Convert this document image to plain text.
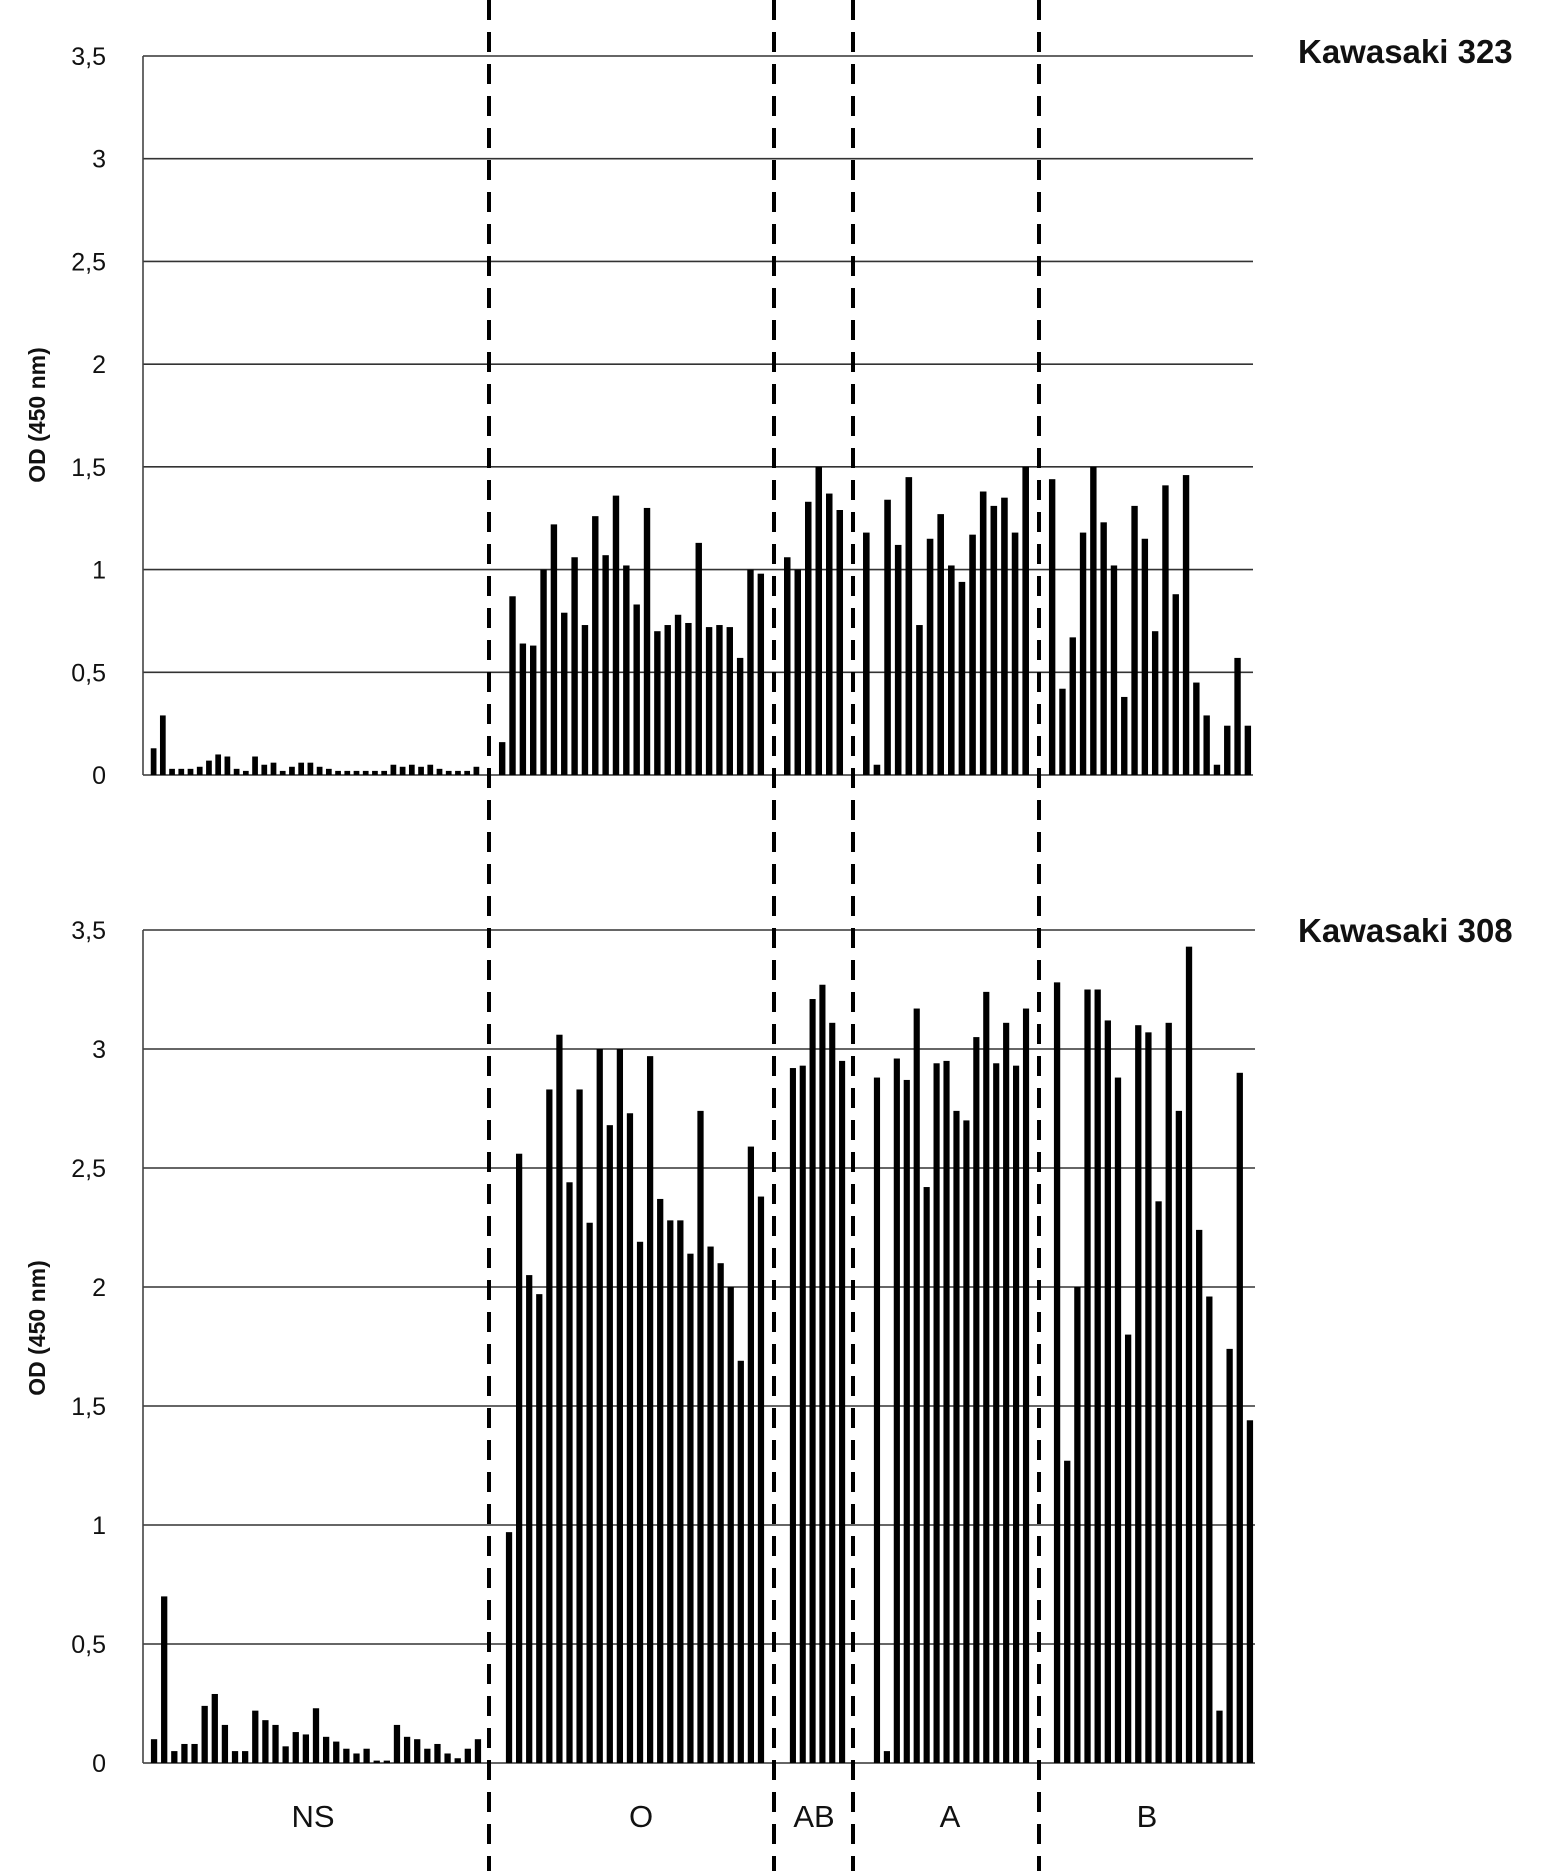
0
0,5
1
1,5
2
2,5
3
3,5	Kawasaki 323
OD (450 nm)
0
0,5
1
1,5
2
2,5
3
3,5	Kawasaki 308
OD (450 nm)
NS	O	AB	A	B
